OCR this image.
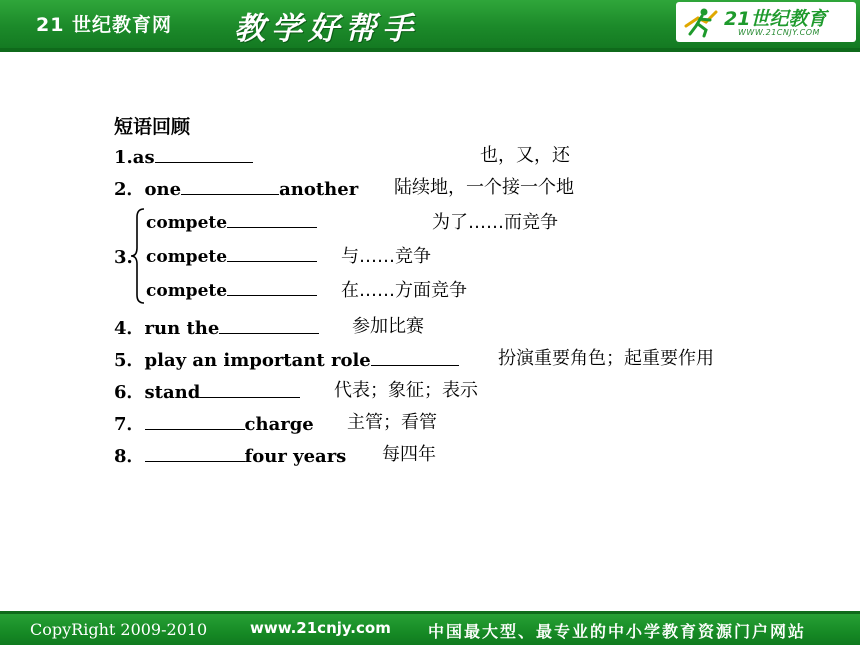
21 世纪教育网 教学好帮手	21世纪教育
WWW.21CNJY.COM
短语回顾
1.as	也，又，还
2．one	another 陆续地，一个接一个地
3.
compete	为了……而竞争
compete	与……竞争
compete	在……方面竞争
4．run the	参加比赛
5．play an important role	扮演重要角色；起重要作用
6．stand	代表；象征；表示
7．	charge 主管；看管
8．	four years 每四年
CopyRight 2009-2010	www.21cnjy.com 中国最大型、最专业的中小学教育资源门户网站
